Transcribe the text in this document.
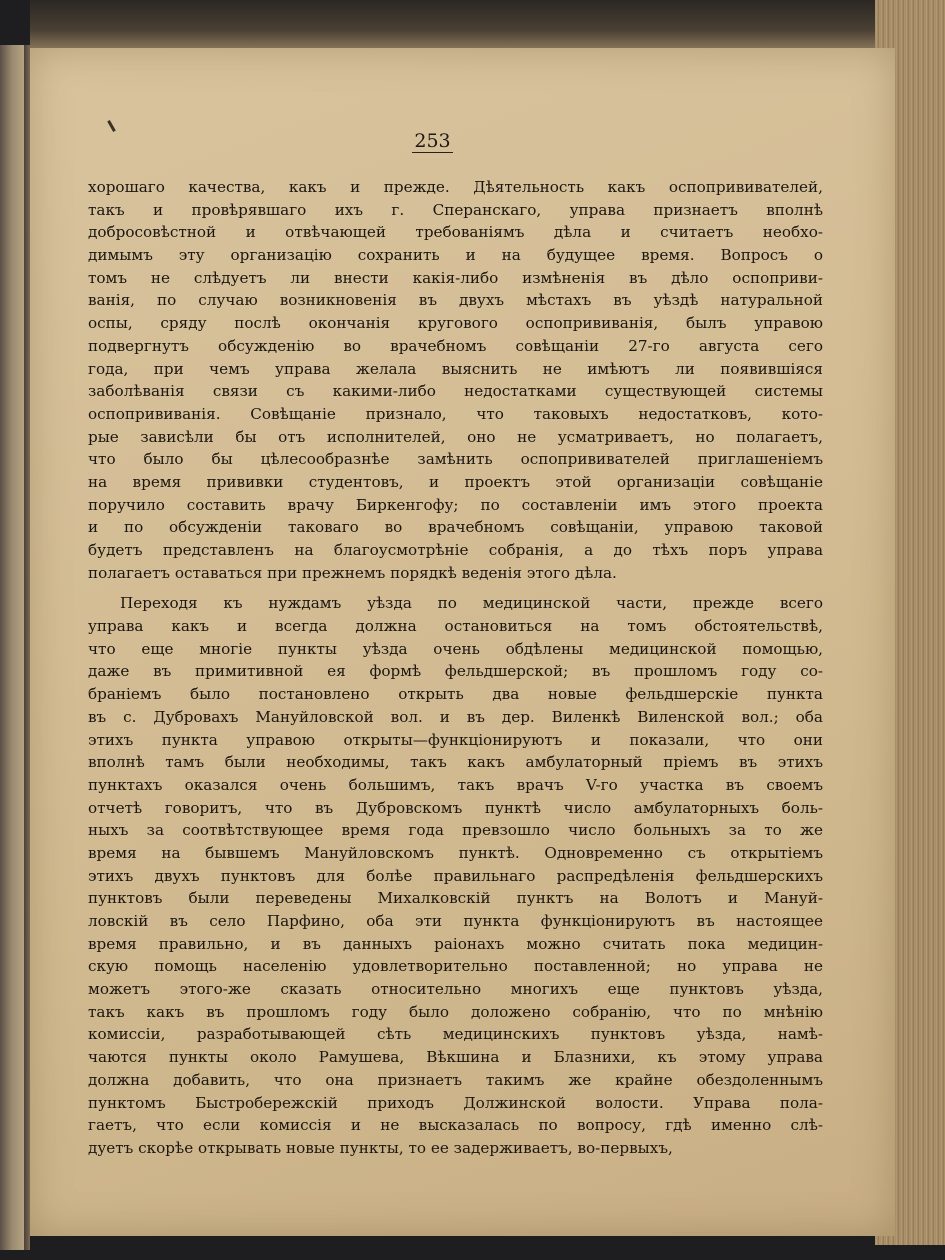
253
хорошаго качества, какъ и прежде. Дѣятельность какъ оспопрививателей,
такъ и провѣрявшаго ихъ г. Сперанскаго, управа признаетъ вполнѣ
добросовѣстной и отвѣчающей требованіямъ дѣла и считаетъ необхо-
димымъ эту организацію сохранить и на будущее время. Вопросъ о
томъ не слѣдуетъ ли внести какія-либо измѣненія въ дѣло оспоприви-
ванія, по случаю возникновенія въ двухъ мѣстахъ въ уѣздѣ натуральной
оспы, сряду послѣ окончанія кругового оспопрививанія, былъ управою
подвергнутъ обсужденію во врачебномъ совѣщаніи 27-го августа сего
года, при чемъ управа желала выяснить не имѣютъ ли появившіяся
заболѣванія связи съ какими-либо недостатками существующей системы
оспопрививанія. Совѣщаніе признало, что таковыхъ недостатковъ, кото-
рые зависѣли бы отъ исполнителей, оно не усматриваетъ, но полагаетъ,
что было бы цѣлесообразнѣе замѣнить оспопрививателей приглашеніемъ
на время прививки студентовъ, и проектъ этой организаціи совѣщаніе
поручило составить врачу Биркенгофу; по составленіи имъ этого проекта
и по обсужденіи таковаго во врачебномъ совѣщаніи, управою таковой
будетъ представленъ на благоусмотрѣніе собранія, а до тѣхъ поръ управа
полагаетъ оставаться при прежнемъ порядкѣ веденія этого дѣла.
Переходя къ нуждамъ уѣзда по медицинской части, прежде всего
управа какъ и всегда должна остановиться на томъ обстоятельствѣ,
что еще многіе пункты уѣзда очень обдѣлены медицинской помощью,
даже въ примитивной ея формѣ фельдшерской; въ прошломъ году со-
браніемъ было постановлено открыть два новые фельдшерскіе пункта
въ с. Дубровахъ Мануйловской вол. и въ дер. Виленкѣ Виленской вол.; оба
этихъ пункта управою открыты—функціонируютъ и показали, что они
вполнѣ тамъ были необходимы, такъ какъ амбулаторный пріемъ въ этихъ
пунктахъ оказался очень большимъ, такъ врачъ V-го участка въ своемъ
отчетѣ говоритъ, что въ Дубровскомъ пунктѣ число амбулаторныхъ боль-
ныхъ за соотвѣтствующее время года превзошло число больныхъ за то же
время на бывшемъ Мануйловскомъ пунктѣ. Одновременно съ открытіемъ
этихъ двухъ пунктовъ для болѣе правильнаго распредѣленія фельдшерскихъ
пунктовъ были переведены Михалковскій пунктъ на Волотъ и Мануй-
ловскій въ село Парфино, оба эти пункта функціонируютъ въ настоящее
время правильно, и въ данныхъ раіонахъ можно считать пока медицин-
скую помощь населенію удовлетворительно поставленной; но управа не
можетъ этого-же сказать относительно многихъ еще пунктовъ уѣзда,
такъ какъ въ прошломъ году было доложено собранію, что по мнѣнію
комиссіи, разработывающей сѣть медицинскихъ пунктовъ уѣзда, намѣ-
чаются пункты около Рамушева, Вѣкшина и Блазнихи, къ этому управа
должна добавить, что она признаетъ такимъ же крайне обездоленнымъ
пунктомъ Быстробережскій приходъ Должинской волости. Управа пола-
гаетъ, что если комиссія и не высказалась по вопросу, гдѣ именно слѣ-
дуетъ скорѣе открывать новые пункты, то ее задерживаетъ, во-первыхъ,
